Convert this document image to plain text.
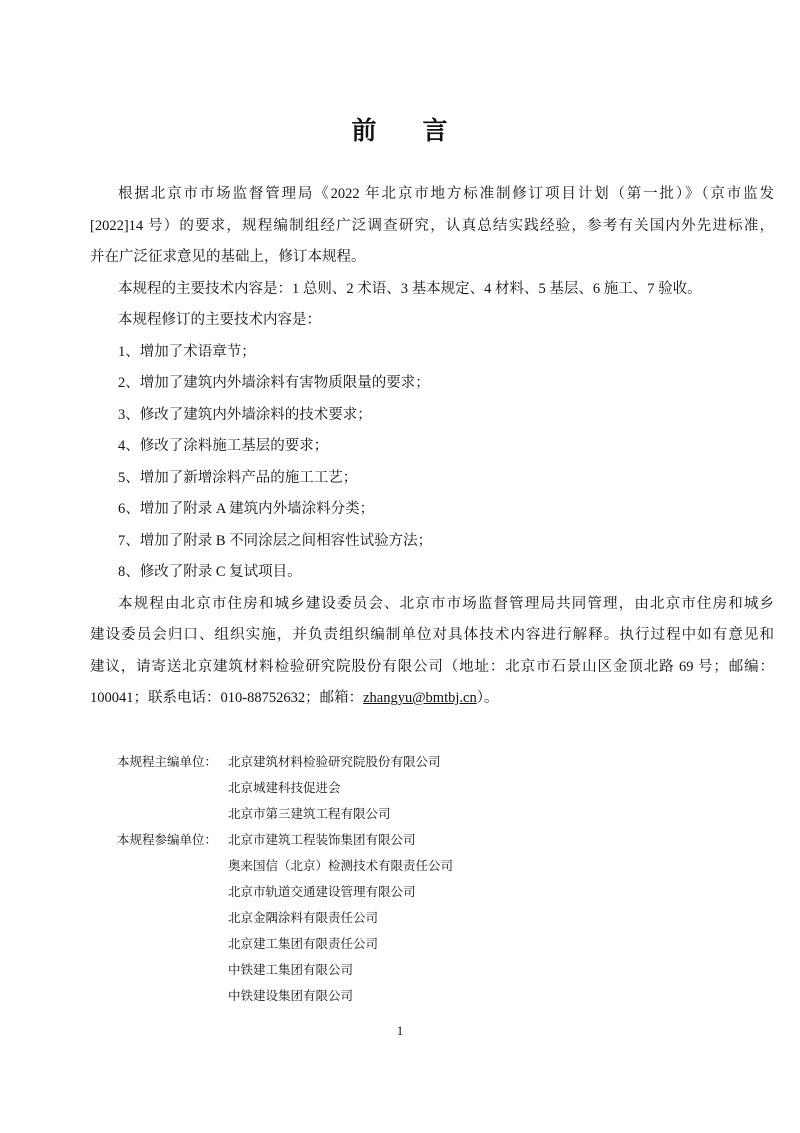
前 言
根据北京市市场监督管理局《2022 年北京市地方标准制修订项目计划（第一批）》（京市监发
[2022]14 号）的要求，规程编制组经广泛调查研究，认真总结实践经验，参考有关国内外先进标准，
并在广泛征求意见的基础上，修订本规程。
本规程的主要技术内容是：1 总则、2 术语、3 基本规定、4 材料、5 基层、6 施工、7 验收。
本规程修订的主要技术内容是：
1、增加了术语章节；
2、增加了建筑内外墙涂料有害物质限量的要求；
3、修改了建筑内外墙涂料的技术要求；
4、修改了涂料施工基层的要求；
5、增加了新增涂料产品的施工工艺；
6、增加了附录 A 建筑内外墙涂料分类；
7、增加了附录 B 不同涂层之间相容性试验方法；
8、修改了附录 C 复试项目。
本规程由北京市住房和城乡建设委员会、北京市市场监督管理局共同管理，由北京市住房和城乡
建设委员会归口、组织实施，并负责组织编制单位对具体技术内容进行解释。执行过程中如有意见和
建议，请寄送北京建筑材料检验研究院股份有限公司（地址：北京市石景山区金顶北路 69 号；邮编：
100041；联系电话：010-88752632；邮箱：zhangyu@bmtbj.cn）。
本规程主编单位： 北京建筑材料检验研究院股份有限公司
北京城建科技促进会
北京市第三建筑工程有限公司
本规程参编单位： 北京市建筑工程装饰集团有限公司
奥来国信（北京）检测技术有限责任公司
北京市轨道交通建设管理有限公司
北京金隅涂料有限责任公司
北京建工集团有限责任公司
中铁建工集团有限公司
中铁建设集团有限公司
1
